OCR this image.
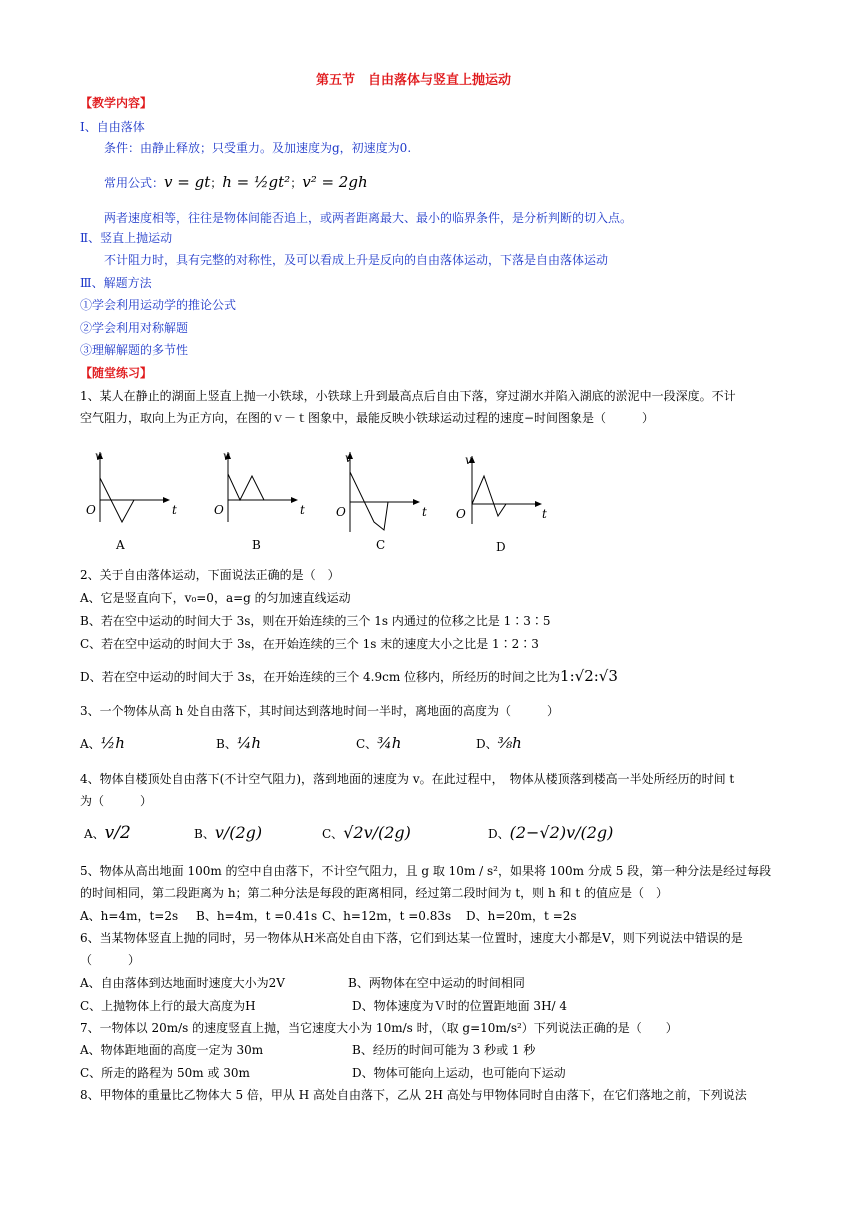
第五节　自由落体与竖直上抛运动
【教学内容】
Ⅰ、自由落体
条件：由静止释放；只受重力。及加速度为g，初速度为0.
常用公式：v = gt；h = ½gt²；v² = 2gh
两者速度相等，往往是物体间能否追上，或两者距离最大、最小的临界条件，是分析判断的切入点。
Ⅱ、竖直上抛运动
不计阻力时，具有完整的对称性，及可以看成上升是反向的自由落体运动，下落是自由落体运动
Ⅲ、解题方法
①学会利用运动学的推论公式
②学会利用对称解题
③理解解题的多节性
【随堂练习】
1、某人在静止的湖面上竖直上抛一小铁球，小铁球上升到最高点后自由下落，穿过湖水并陷入湖底的淤泥中一段深度。不计
空气阻力，取向上为正方向，在图的ｖ－ｔ图象中，最能反映小铁球运动过程的速度−时间图象是（　　　）
v
O	t
A
v
O	t
B
v
O	t
C
v
O	t
D
2、关于自由落体运动，下面说法正确的是（　）
A、它是竖直向下，v₀=0，a=g 的匀加速直线运动
B、若在空中运动的时间大于 3s，则在开始连续的三个 1s 内通过的位移之比是 1∶3∶5
C、若在空中运动的时间大于 3s，在开始连续的三个 1s 末的速度大小之比是 1∶2∶3
D、若在空中运动的时间大于 3s，在开始连续的三个 4.9cm 位移内，所经历的时间之比为1:√2:√3
3、一个物体从高 h 处自由落下，其时间达到落地时间一半时，离地面的高度为（　　　）
A、½h	B、¼h	C、¾h	D、⅜h
4、物体自楼顶处自由落下(不计空气阻力)，落到地面的速度为 v。在此过程中，　物体从楼顶落到楼高一半处所经历的时间 t
为（　　　）
A、v/2	B、v/(2g)	C、√2v/(2g)	D、(2−√2)v/(2g)
5、物体从高出地面 100m 的空中自由落下，不计空气阻力，且 g 取 10m / s²，如果将 100m 分成 5 段，第一种分法是经过每段
的时间相同，第二段距离为 h；第二种分法是每段的距离相同，经过第二段时间为 t，则 h 和 t 的值应是（　）
A、h=4m，t=2s B、h=4m，t =0.41s C、h=12m，t =0.83s D、h=20m，t =2s
6、当某物体竖直上抛的同时，另一物体从H米高处自由下落，它们到达某一位置时，速度大小都是V，则下列说法中错误的是
（　　　）
A、自由落体到达地面时速度大小为2V	B、两物体在空中运动的时间相同
C、上抛物体上行的最大高度为H	D、物体速度为Ｖ时的位置距地面 3H/ 4
7、一物体以 20m/s 的速度竖直上抛，当它速度大小为 10m/s 时，（取 g=10m/s²）下列说法正确的是（　　）
A、物体距地面的高度一定为 30m	B、经历的时间可能为 3 秒或 1 秒
C、所走的路程为 50m 或 30m	D、物体可能向上运动，也可能向下运动
8、甲物体的重量比乙物体大 5 倍，甲从 H 高处自由落下，乙从 2H 高处与甲物体同时自由落下，在它们落地之前，下列说法
